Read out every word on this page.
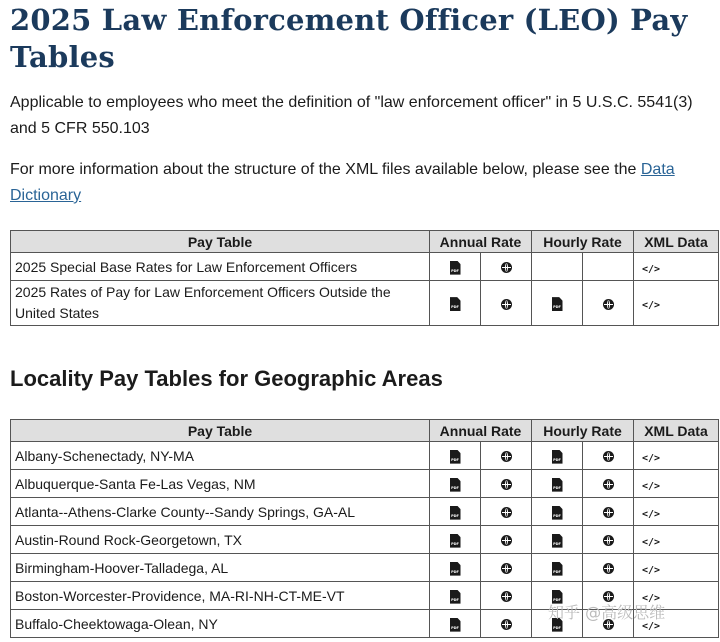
2025 Law Enforcement Officer (LEO) Pay Tables
Applicable to employees who meet the definition of "law enforcement officer" in 5 U.S.C. 5541(3) and 5 CFR 550.103
For more information about the structure of the XML files available below, please see the Data Dictionary
Pay Table	Annual Rate		Hourly Rate		XML Data
2025 Special Base Rates for Law Enforcement Officers	PDF				</>
2025 Rates of Pay for Law Enforcement Officers Outside the United States	PDF		PDF		</>
Locality Pay Tables for Geographic Areas
Pay Table	Annual Rate		Hourly Rate		XML Data
Albany-Schenectady, NY-MA	PDF		PDF		</>
Albuquerque-Santa Fe-Las Vegas, NM	PDF		PDF		</>
Atlanta--Athens-Clarke County--Sandy Springs, GA-AL	PDF		PDF		</>
Austin-Round Rock-Georgetown, TX	PDF		PDF		</>
Birmingham-Hoover-Talladega, AL	PDF		PDF		</>
Boston-Worcester-Providence, MA-RI-NH-CT-ME-VT	PDF		PDF		</>
Buffalo-Cheektowaga-Olean, NY	PDF		PDF		</>
知乎 @高级思维
